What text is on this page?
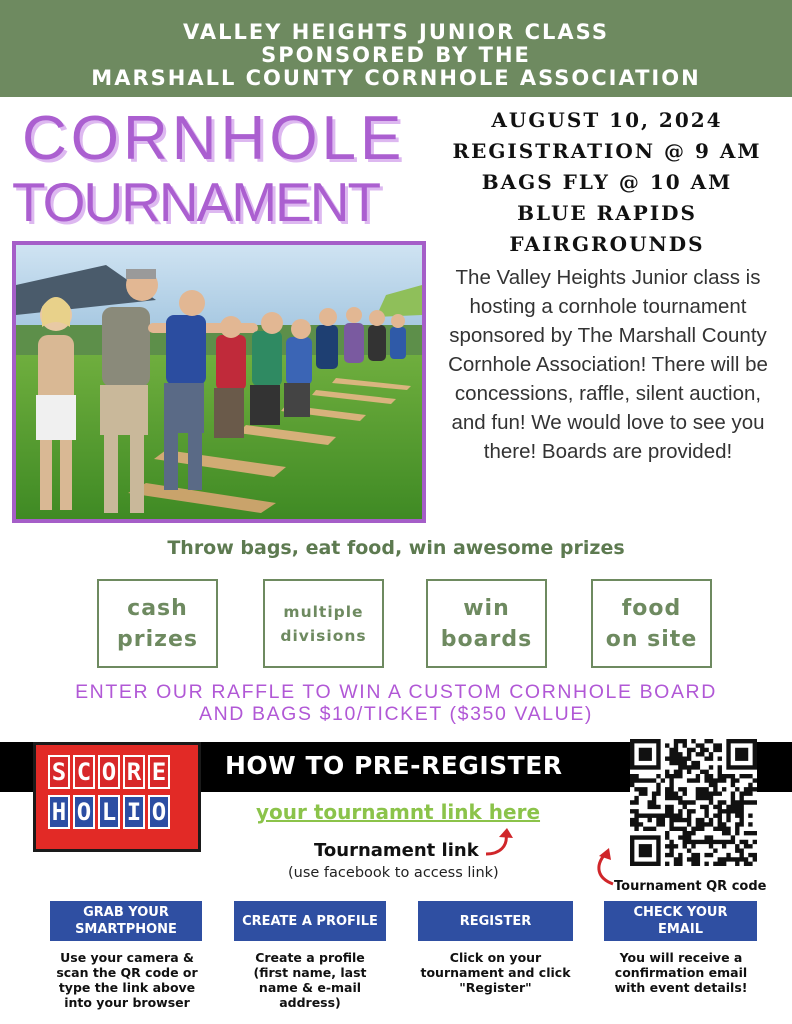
VALLEY HEIGHTS JUNIOR CLASS
SPONSORED BY THE
MARSHALL COUNTY CORNHOLE ASSOCIATION
CORNHOLE
TOURNAMENT
AUGUST 10, 2024
REGISTRATION @ 9 AM
BAGS FLY @ 10 AM
BLUE RAPIDS
FAIRGROUNDS
The Valley Heights Junior class is hosting a cornhole tournament sponsored by The Marshall County Cornhole Association! There will be concessions, raffle, silent auction, and fun! We would love to see you there! Boards are provided!
Throw bags, eat food, win awesome prizes
cash
prizes
multiple
divisions
win
boards
food
on site
ENTER OUR RAFFLE TO WIN A CUSTOM CORNHOLE BOARD
AND BAGS $10/TICKET ($350 VALUE)
HOW TO PRE-REGISTER
S C O R E
H O L I O	your tournamnt link here
Tournament link
(use facebook to access link)
Tournament QR code
GRAB YOUR
SMARTPHONE
CREATE A PROFILE	REGISTER
CHECK YOUR
EMAIL
Use your camera & scan the QR code or type the link above into your browser
Create a profile (first name, last name & e-mail address)
Click on your tournament and click "Register"
You will receive a confirmation email with event details!
